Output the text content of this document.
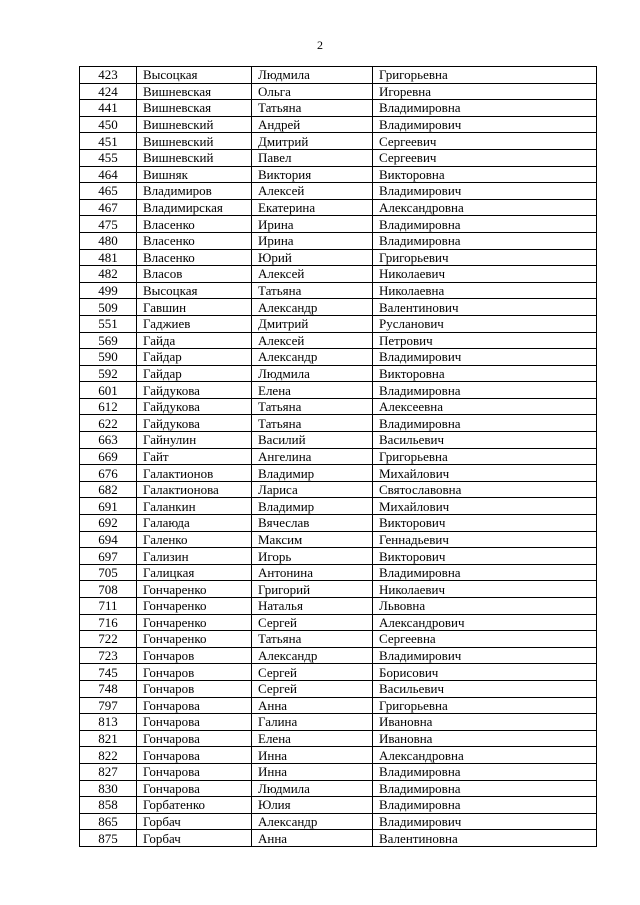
2
423	Высоцкая	Людмила	Григорьевна
424	Вишневская	Ольга	Игоревна
441	Вишневская	Татьяна	Владимировна
450	Вишневский	Андрей	Владимирович
451	Вишневский	Дмитрий	Сергеевич
455	Вишневский	Павел	Сергеевич
464	Вишняк	Виктория	Викторовна
465	Владимиров	Алексей	Владимирович
467	Владимирская	Екатерина	Александровна
475	Власенко	Ирина	Владимировна
480	Власенко	Ирина	Владимировна
481	Власенко	Юрий	Григорьевич
482	Власов	Алексей	Николаевич
499	Высоцкая	Татьяна	Николаевна
509	Гавшин	Александр	Валентинович
551	Гаджиев	Дмитрий	Русланович
569	Гайда	Алексей	Петрович
590	Гайдар	Александр	Владимирович
592	Гайдар	Людмила	Викторовна
601	Гайдукова	Елена	Владимировна
612	Гайдукова	Татьяна	Алексеевна
622	Гайдукова	Татьяна	Владимировна
663	Гайнулин	Василий	Васильевич
669	Гайт	Ангелина	Григорьевна
676	Галактионов	Владимир	Михайлович
682	Галактионова	Лариса	Святославовна
691	Галанкин	Владимир	Михайлович
692	Галаюда	Вячеслав	Викторович
694	Галенко	Максим	Геннадьевич
697	Гализин	Игорь	Викторович
705	Галицкая	Антонина	Владимировна
708	Гончаренко	Григорий	Николаевич
711	Гончаренко	Наталья	Львовна
716	Гончаренко	Сергей	Александрович
722	Гончаренко	Татьяна	Сергеевна
723	Гончаров	Александр	Владимирович
745	Гончаров	Сергей	Борисович
748	Гончаров	Сергей	Васильевич
797	Гончарова	Анна	Григорьевна
813	Гончарова	Галина	Ивановна
821	Гончарова	Елена	Ивановна
822	Гончарова	Инна	Александровна
827	Гончарова	Инна	Владимировна
830	Гончарова	Людмила	Владимировна
858	Горбатенко	Юлия	Владимировна
865	Горбач	Александр	Владимирович
875	Горбач	Анна	Валентиновна
